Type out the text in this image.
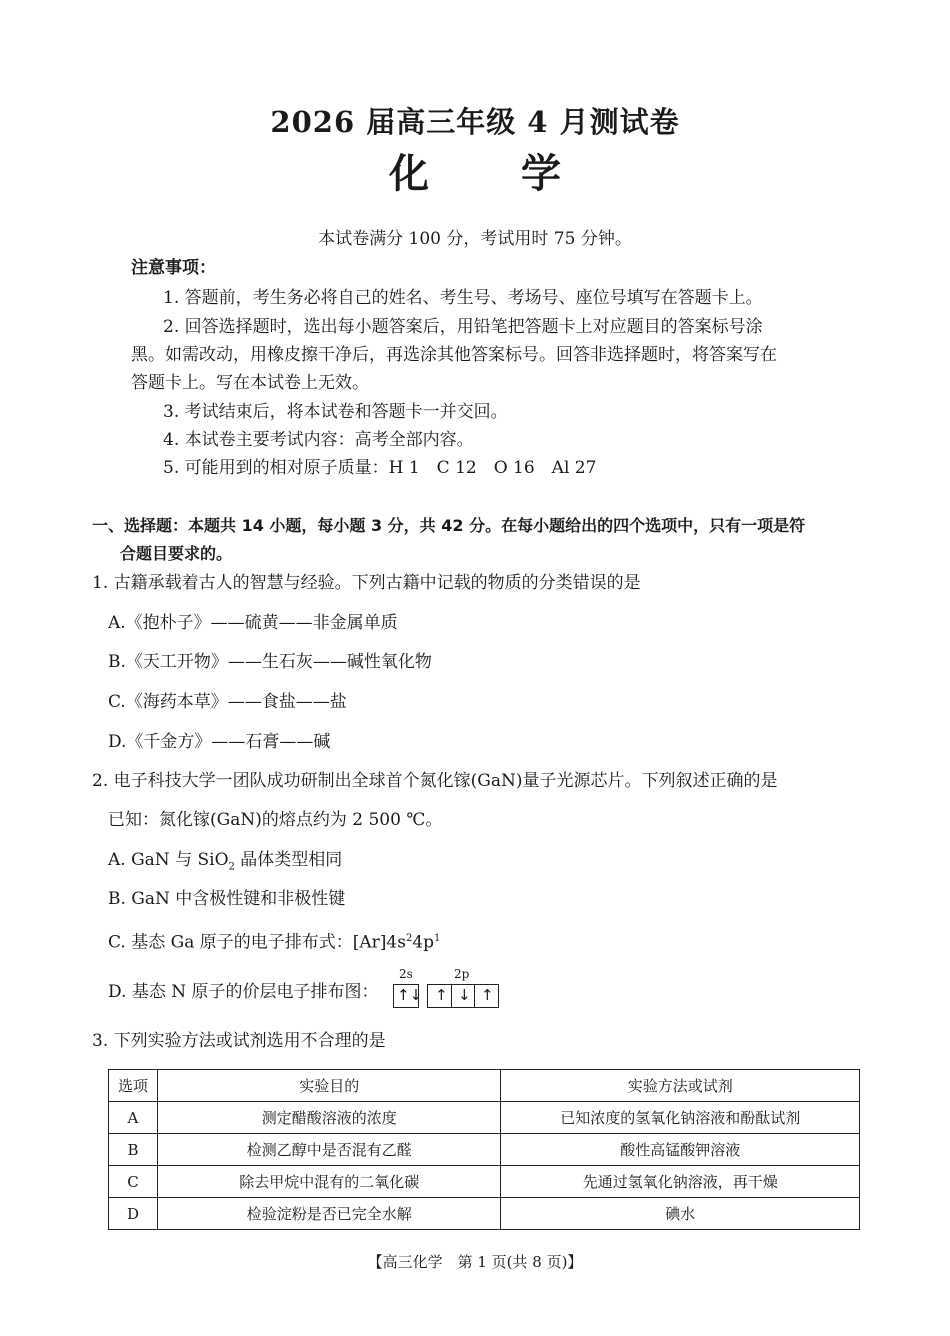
2026 届高三年级 4 月测试卷
化 学
本试卷满分 100 分，考试用时 75 分钟。
注意事项：
1. 答题前，考生务必将自己的姓名、考生号、考场号、座位号填写在答题卡上。
2. 回答选择题时，选出每小题答案后，用铅笔把答题卡上对应题目的答案标号涂
黑。如需改动，用橡皮擦干净后，再选涂其他答案标号。回答非选择题时，将答案写在
答题卡上。写在本试卷上无效。
3. 考试结束后，将本试卷和答题卡一并交回。
4. 本试卷主要考试内容：高考全部内容。
5. 可能用到的相对原子质量：H 1　C 12　O 16　Al 27
一、选择题：本题共 14 小题，每小题 3 分，共 42 分。在每小题给出的四个选项中，只有一项是符
合题目要求的。
1. 古籍承载着古人的智慧与经验。下列古籍中记载的物质的分类错误的是
A.《抱朴子》——硫黄——非金属单质
B.《天工开物》——生石灰——碱性氧化物
C.《海药本草》——食盐——盐
D.《千金方》——石膏——碱
2. 电子科技大学一团队成功研制出全球首个氮化镓(GaN)量子光源芯片。下列叙述正确的是
已知：氮化镓(GaN)的熔点约为 2 500 ℃。
A. GaN 与 SiO$_2$ 晶体类型相同
B. GaN 中含极性键和非极性键
C. 基态 Ga 原子的电子排布式：$[Ar]4s^24p^1$
D. 基态 N 原子的价层电子排布图：
2s	2p
↑↓ ↑ ↓ ↑
3. 下列实验方法或试剂选用不合理的是
选项	实验目的	实验方法或试剂
A	测定醋酸溶液的浓度	已知浓度的氢氧化钠溶液和酚酞试剂
B	检测乙醇中是否混有乙醛	酸性高锰酸钾溶液
C	除去甲烷中混有的二氧化碳	先通过氢氧化钠溶液，再干燥
D	检验淀粉是否已完全水解	碘水
【高三化学　第 1 页(共 8 页)】
